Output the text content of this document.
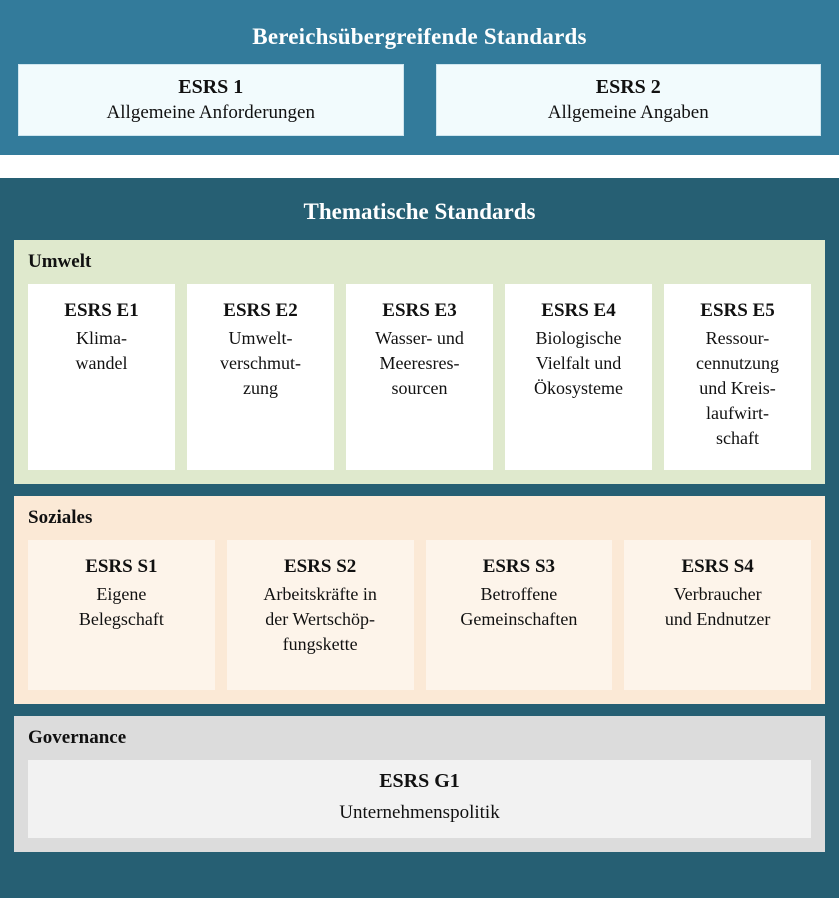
Bereichsübergreifende Standards
ESRS 1
Allgemeine Anforderungen
ESRS 2
Allgemeine Angaben
Thematische Standards
Umwelt
ESRS E1
Klima-
wandel
ESRS E2
Umwelt-
verschmut-
zung
ESRS E3
Wasser- und
Meeresres-
sourcen
ESRS E4
Biologische
Vielfalt und
Ökosysteme
ESRS E5
Ressour-
cennutzung
und Kreis-
laufwirt-
schaft
Soziales
ESRS S1
Eigene
Belegschaft
ESRS S2
Arbeitskräfte in
der Wertschöp-
fungskette
ESRS S3
Betroffene
Gemeinschaften
ESRS S4
Verbraucher
und Endnutzer
Governance
ESRS G1
Unternehmenspolitik
